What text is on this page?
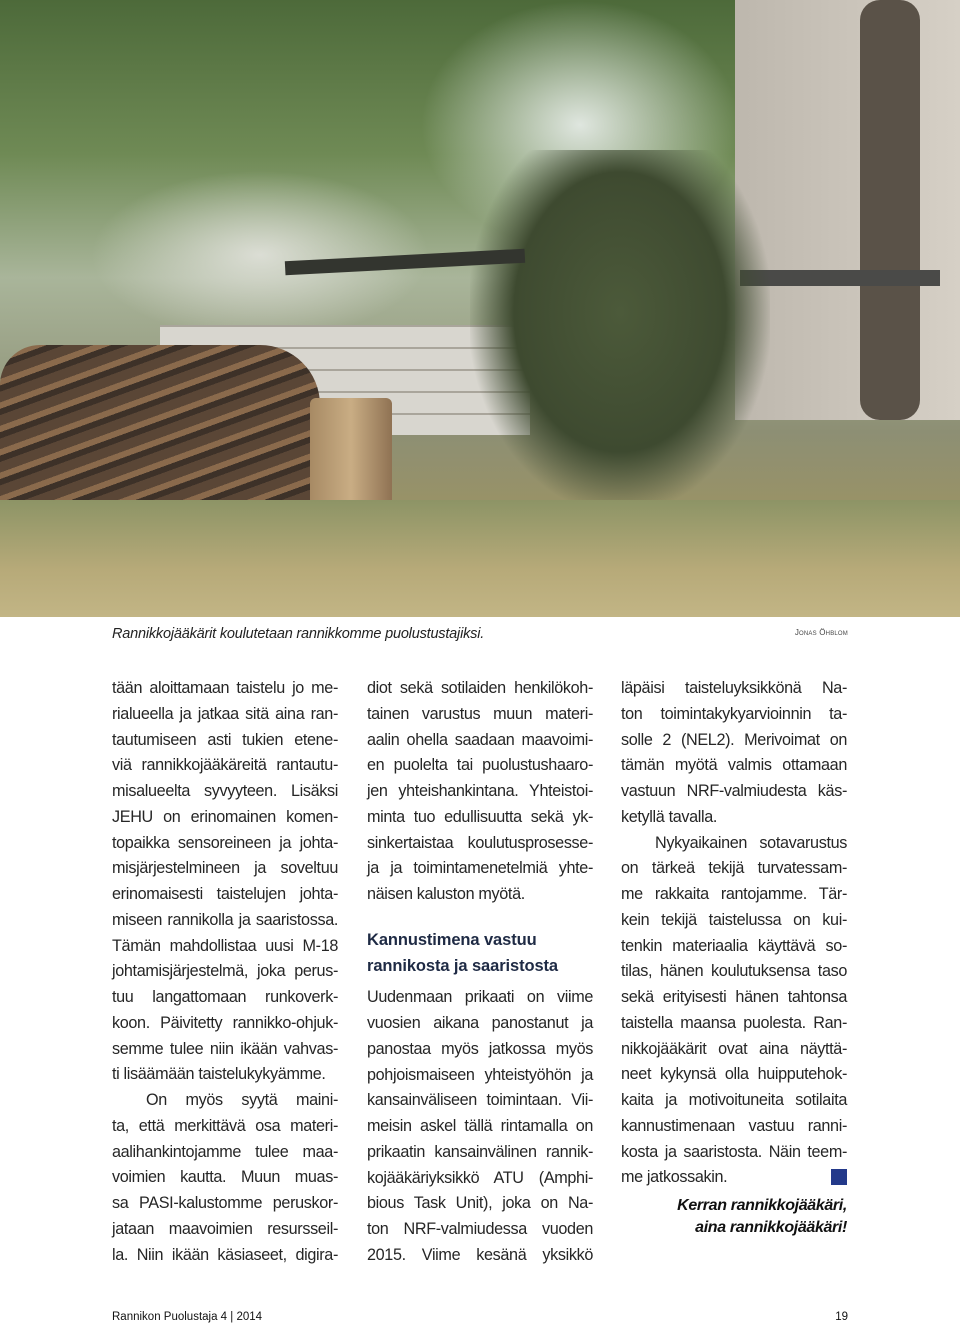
Rannikkojääkärit koulutetaan rannikkomme puolustustajiksi.	Jonas Öhblom
tään aloittamaan taistelu jo me-
rialueella ja jatkaa sitä aina ran-
tautumiseen asti tukien etene-
viä rannikkojääkäreitä rantautu-
misalueelta syvyyteen. Lisäksi
JEHU on erinomainen komen-
topaikka sensoreineen ja johta-
misjärjestelmineen ja soveltuu
erinomaisesti taistelujen johta-
miseen rannikolla ja saaristossa.
Tämän mahdollistaa uusi M-18
johtamisjärjestelmä, joka perus-
tuu langattomaan runkoverk-
koon. Päivitetty rannikko-ohjuk-
semme tulee niin ikään vahvas-
ti lisäämään taistelukykyämme.
On myös syytä maini-
ta, että merkittävä osa materi-
aalihankintojamme tulee maa-
voimien kautta. Muun muas-
sa PASI-kalustomme peruskor-
jataan maavoimien resursseil-
la. Niin ikään käsiaseet, digira-
diot sekä sotilaiden henkilökoh-
tainen varustus muun materi-
aalin ohella saadaan maavoimi-
en puolelta tai puolustushaaro-
jen yhteishankintana. Yhteistoi-
minta tuo edullisuutta sekä yk-
sinkertaistaa koulutusprosesse-
ja ja toimintamenetelmiä yhte-
näisen kaluston myötä.
Kannustimena vastuu
rannikosta ja saaristosta
Uudenmaan prikaati on viime
vuosien aikana panostanut ja
panostaa myös jatkossa myös
pohjoismaiseen yhteistyöhön ja
kansainväliseen toimintaan. Vii-
meisin askel tällä rintamalla on
prikaatin kansainvälinen rannik-
kojääkäriyksikkö ATU (Amphi-
bious Task Unit), joka on Na-
ton NRF-valmiudessa vuoden
2015. Viime kesänä yksikkö
läpäisi taisteluyksikkönä Na-
ton toimintakykyarvioinnin ta-
solle 2 (NEL2). Merivoimat on
tämän myötä valmis ottamaan
vastuun NRF-valmiudesta käs-
ketyllä tavalla.
Nykyaikainen sotavarustus
on tärkeä tekijä turvatessam-
me rakkaita rantojamme. Tär-
kein tekijä taistelussa on kui-
tenkin materiaalia käyttävä so-
tilas, hänen koulutuksensa taso
sekä erityisesti hänen tahtonsa
taistella maansa puolesta. Ran-
nikkojääkärit ovat aina näyttä-
neet kykynsä olla huipputehok-
kaita ja motivoituneita sotilaita
kannustimenaan vastuu ranni-
kosta ja saaristosta. Näin teem-
me jatkossakin.
Kerran rannikkojääkäri,
aina rannikkojääkäri!
Rannikon Puolustaja 4 | 2014	19
